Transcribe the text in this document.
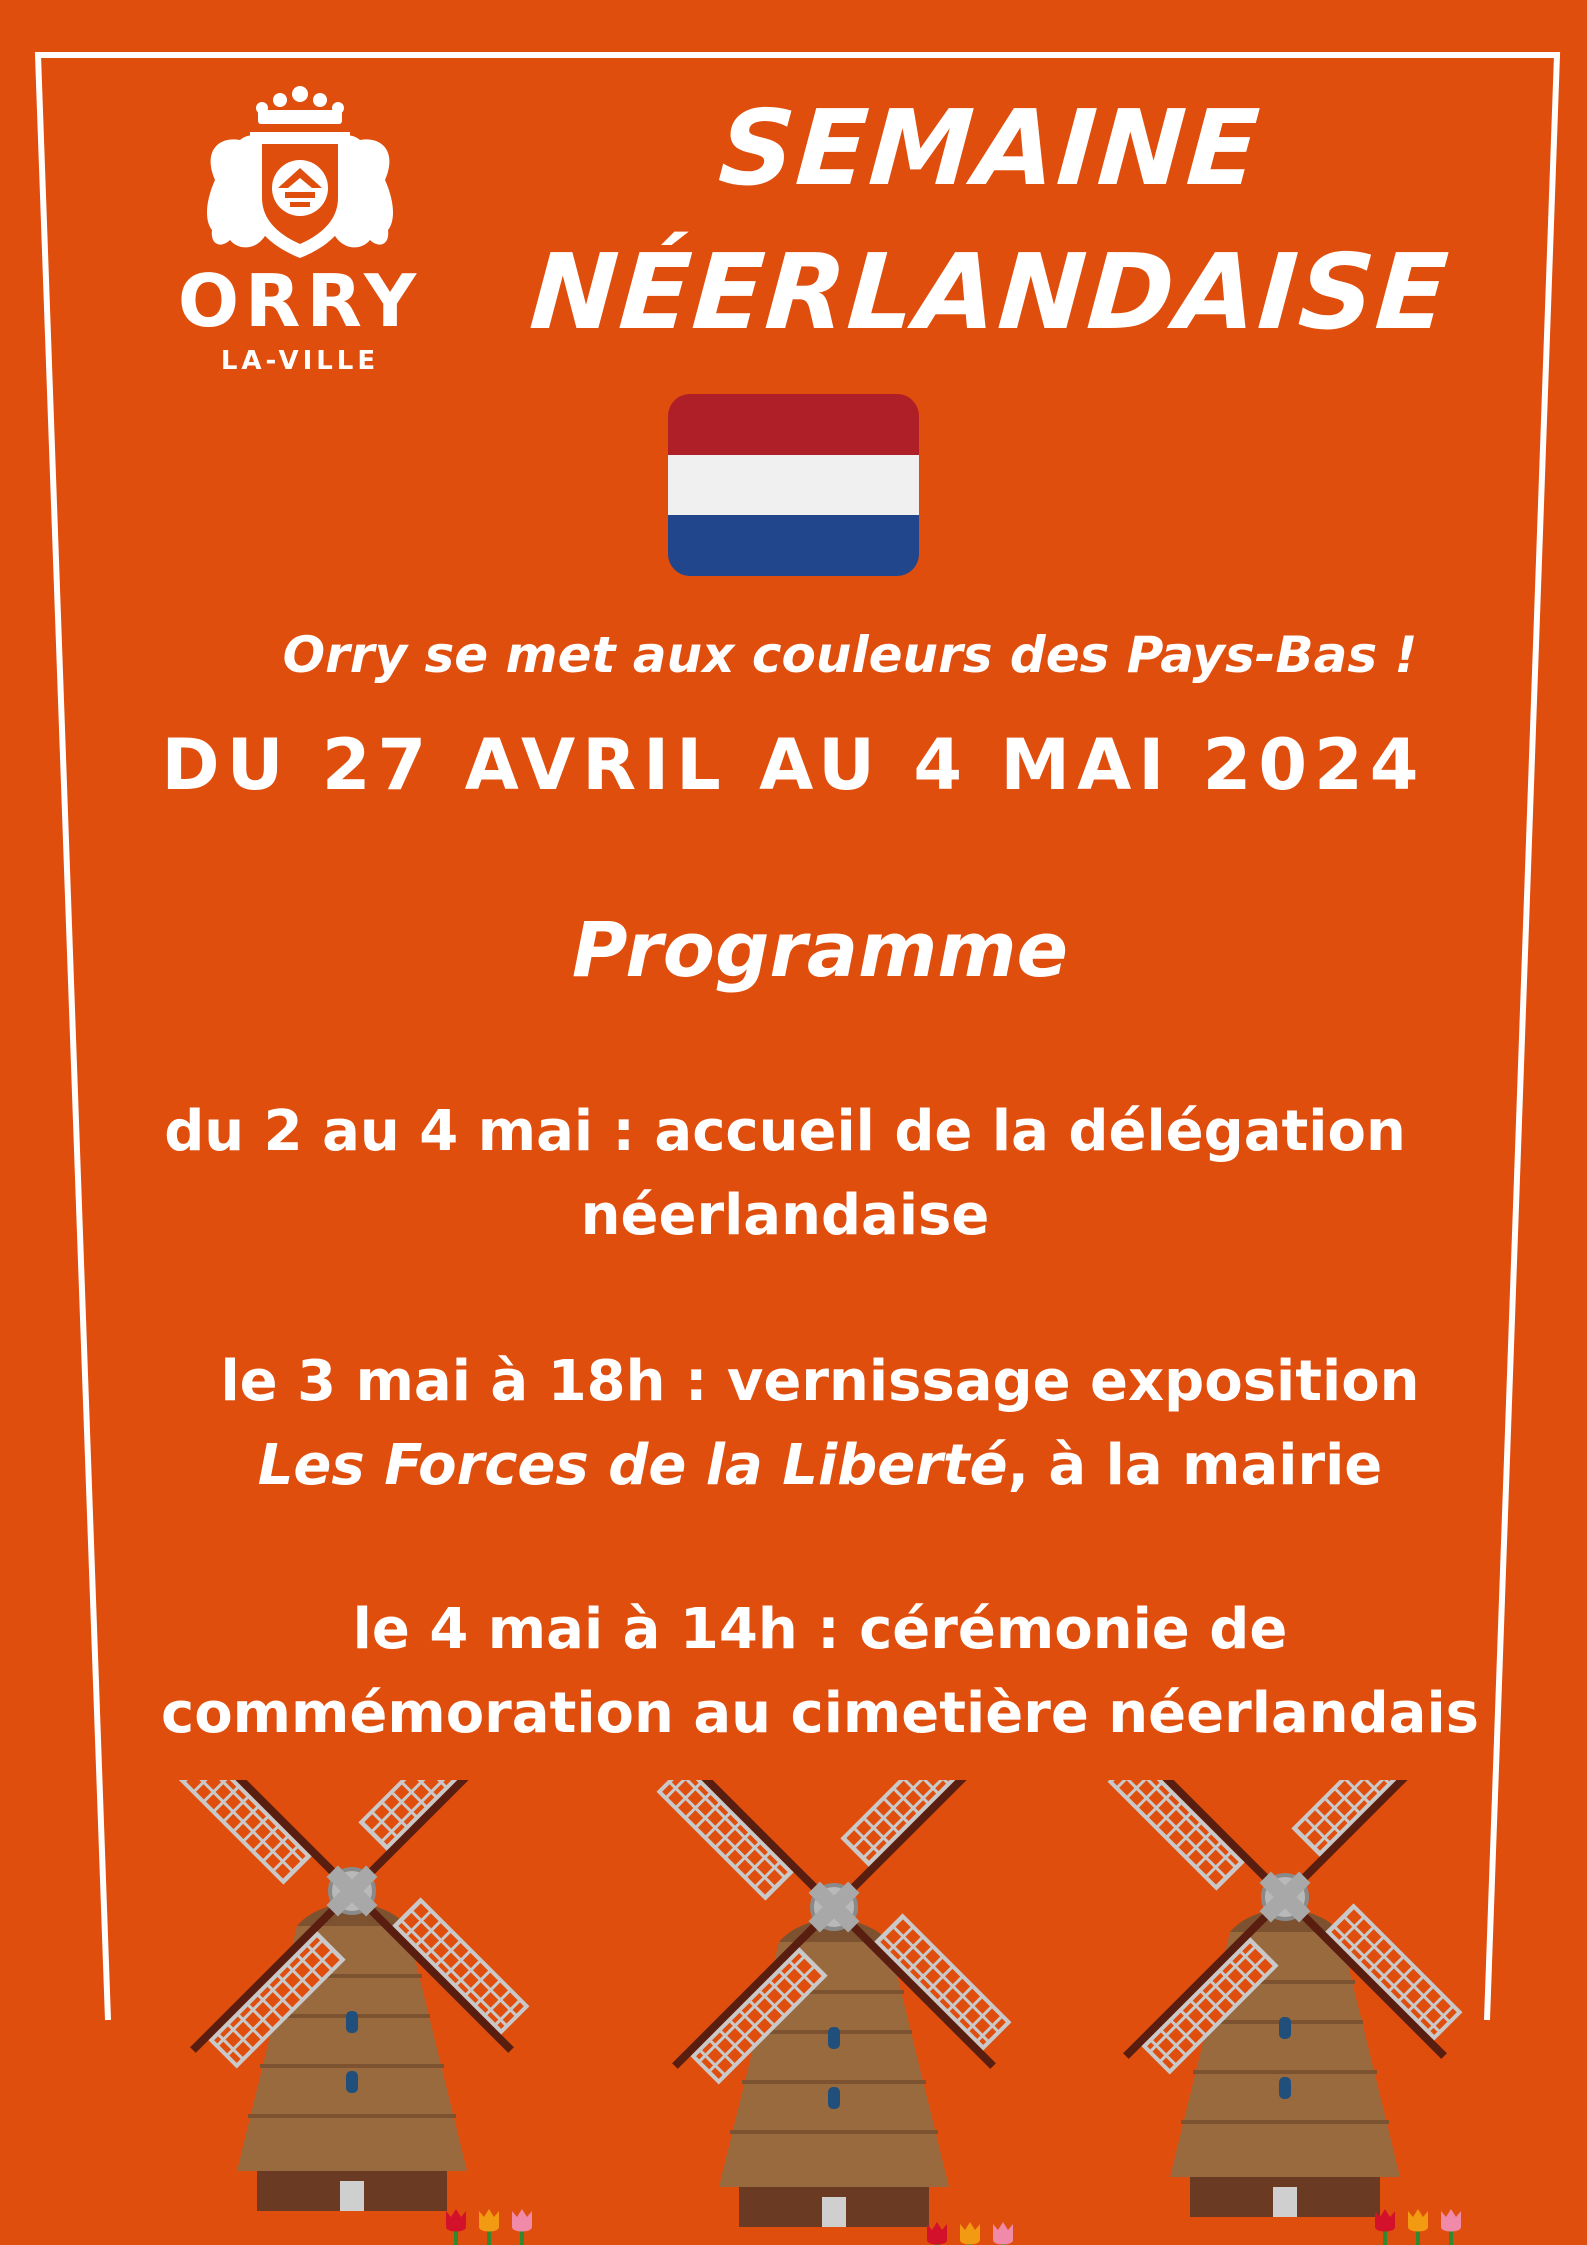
ORRY
LA-VILLE
SEMAINE
NÉERLANDAISE
Orry se met aux couleurs des Pays-Bas !
DU 27 AVRIL AU 4 MAI 2024
Programme
du 2 au 4 mai : accueil de la délégation
néerlandaise
le 3 mai à 18h : vernissage exposition
Les Forces de la Liberté, à la mairie
le 4 mai à 14h : cérémonie de
commémoration au cimetière néerlandais
